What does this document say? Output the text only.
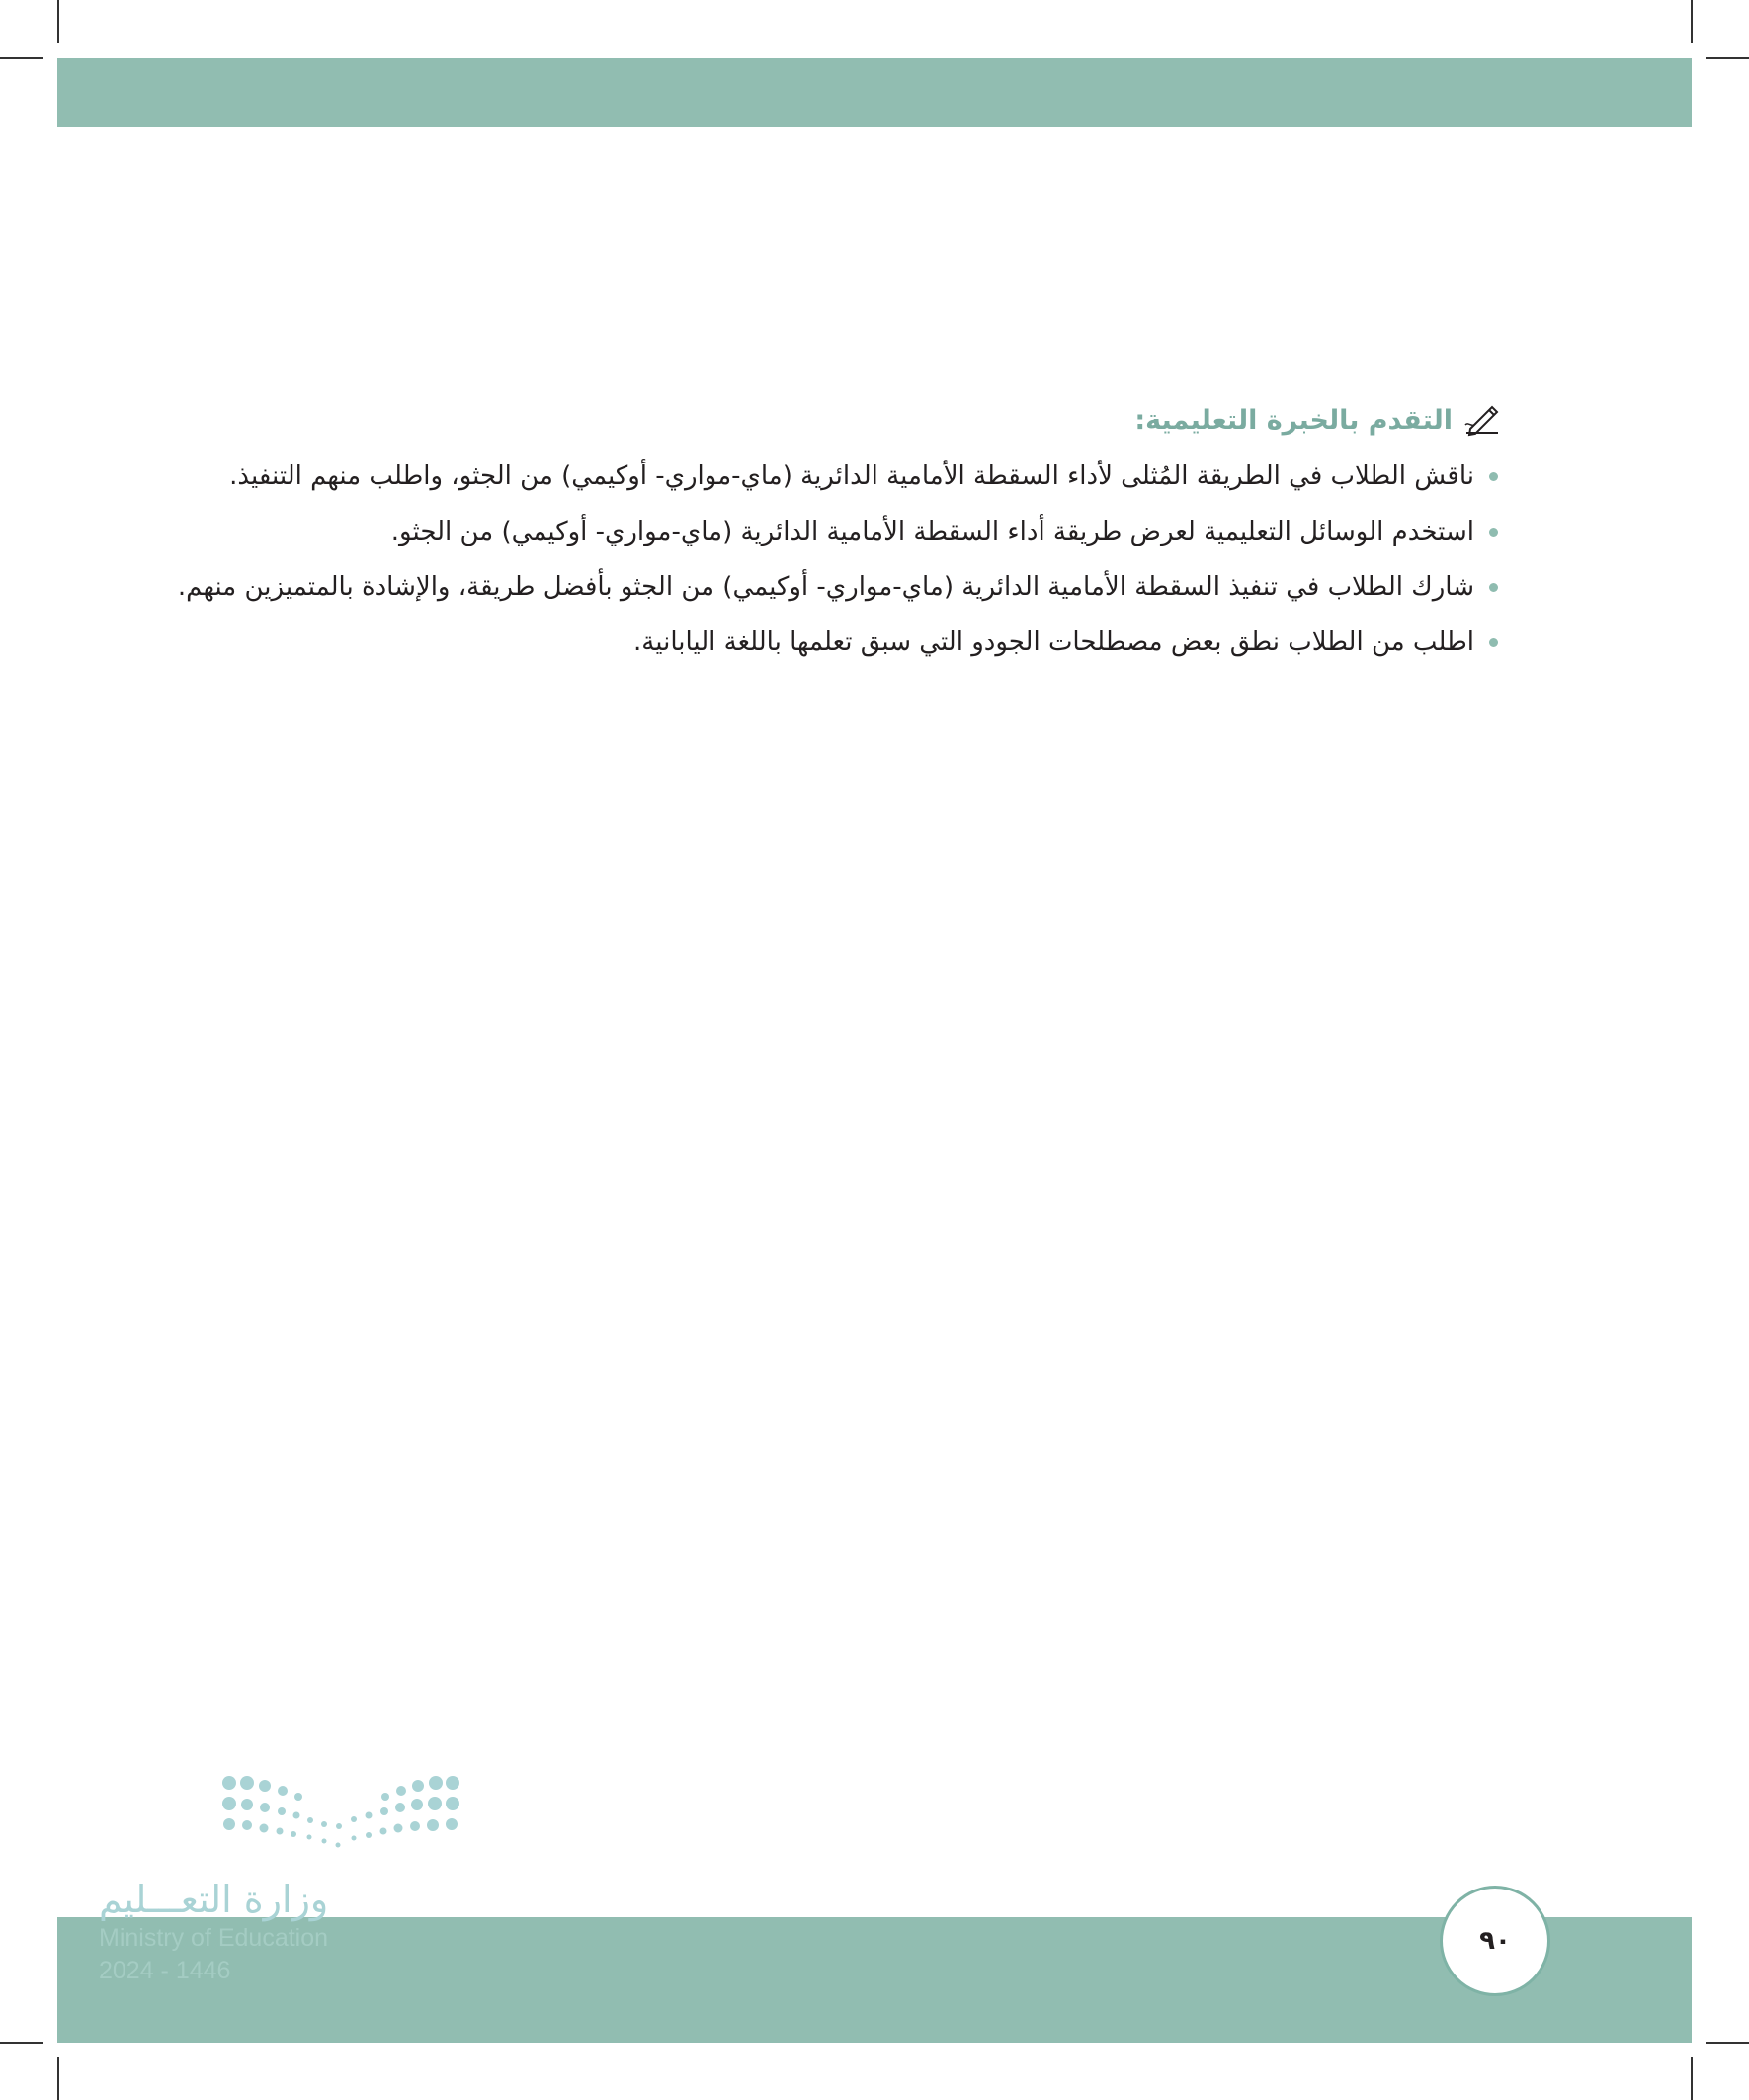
التقدم بالخبرة التعليمية:
ناقش الطلاب في الطريقة المُثلى لأداء السقطة الأمامية الدائرية (ماي-مواري- أوكيمي) من الجثو، واطلب منهم التنفيذ.
استخدم الوسائل التعليمية لعرض طريقة أداء السقطة الأمامية الدائرية (ماي-مواري- أوكيمي) من الجثو.
شارك الطلاب في تنفيذ السقطة الأمامية الدائرية (ماي-مواري- أوكيمي) من الجثو بأفضل طريقة، والإشادة بالمتميزين منهم.
اطلب من الطلاب نطق بعض مصطلحات الجودو التي سبق تعلمها باللغة اليابانية.
وزارة التعـــليم
Ministry of Education
2024 - 1446
٩٠
